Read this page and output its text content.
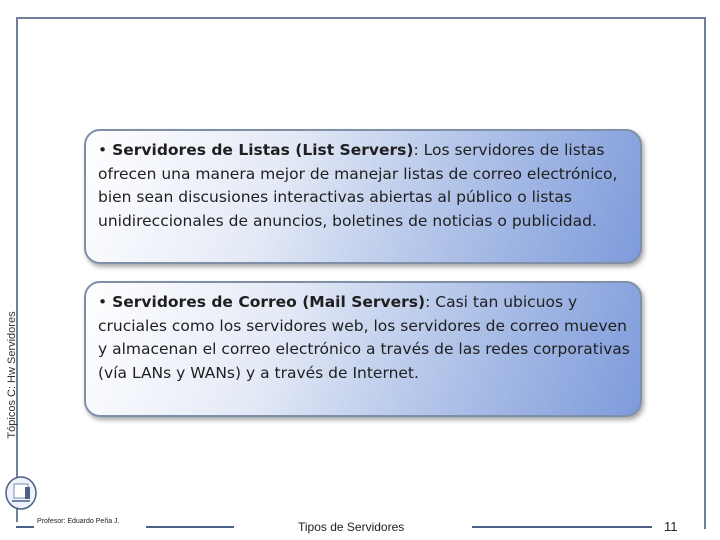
Tópicos C: Hw Servidores
• Servidores de Listas (List Servers): Los servidores de listas ofrecen una manera mejor de manejar listas de correo electrónico, bien sean discusiones interactivas abiertas al público o listas unidireccionales de anuncios, boletines de noticias o publicidad.
• Servidores de Correo (Mail Servers): Casi tan ubicuos y cruciales como los servidores web, los servidores de correo mueven y almacenan el correo electrónico a través de las redes corporativas (vía LANs y WANs) y a través de Internet.
Profesor: Eduardo Peña J.	Tipos de Servidores	11
